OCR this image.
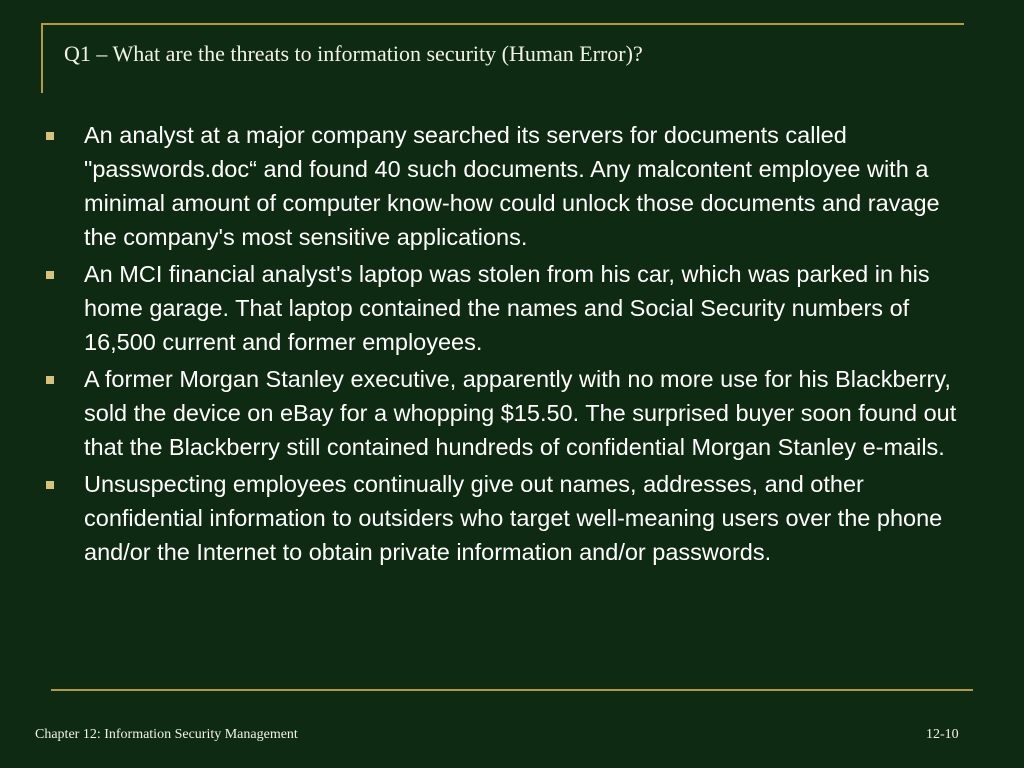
Q1 – What are the threats to information security (Human Error)?
An analyst at a major company searched its servers for documents called "passwords.doc“ and found 40 such documents. Any malcontent employee with a minimal amount of computer know-how could unlock those documents and ravage the company's most sensitive applications.
An MCI financial analyst's laptop was stolen from his car, which was parked in his home garage. That laptop contained the names and Social Security numbers of 16,500 current and former employees.
A former Morgan Stanley executive, apparently with no more use for his Blackberry, sold the device on eBay for a whopping $15.50. The surprised buyer soon found out that the Blackberry still contained hundreds of confidential Morgan Stanley e-mails.
Unsuspecting employees continually give out names, addresses, and other confidential information to outsiders who target well-meaning users over the phone and/or the Internet to obtain private information and/or passwords.
Chapter 12: Information Security Management	12-10
